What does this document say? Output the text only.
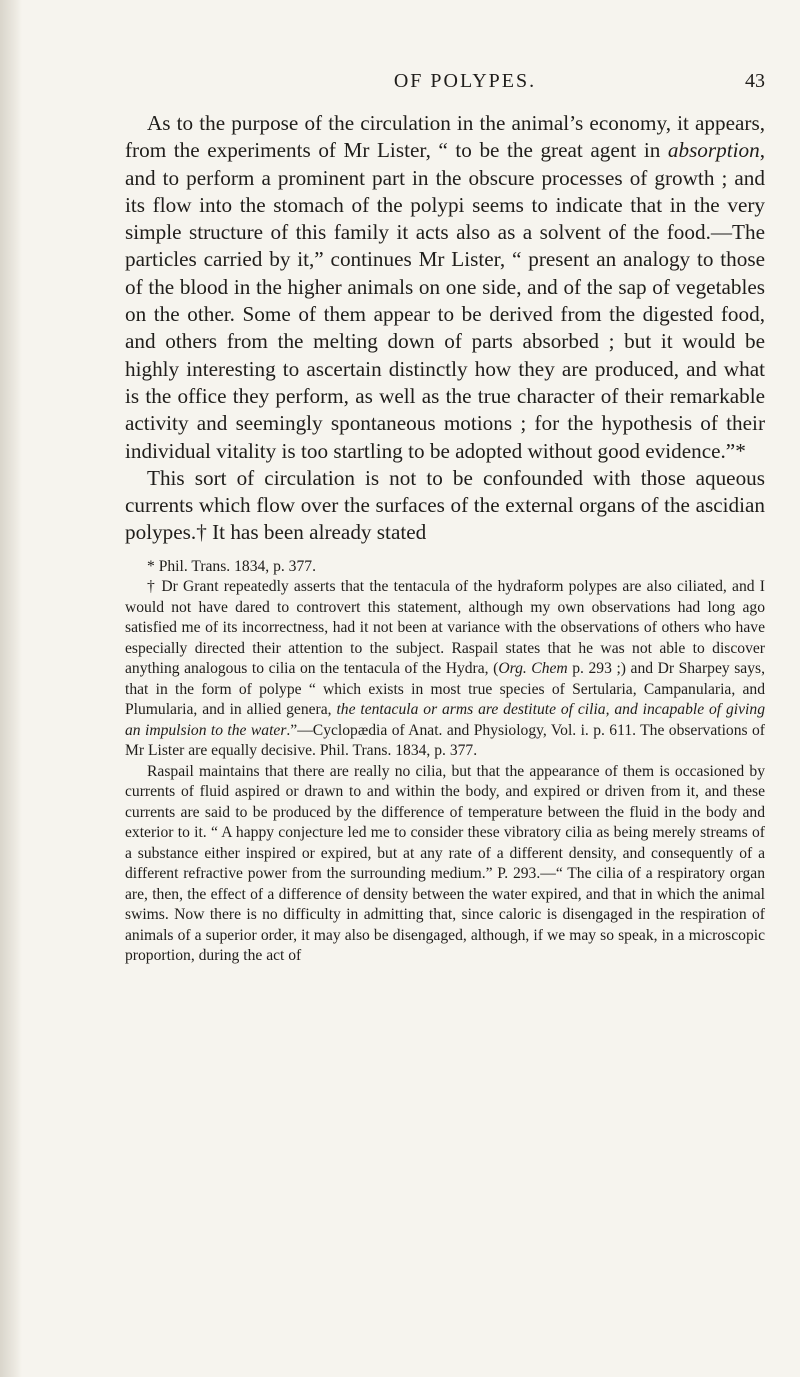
OF POLYPES.	43

As to the purpose of the circulation in the animal’s economy, it appears, from the experiments of Mr Lister, “ to be the great agent in absorption, and to perform a prominent part in the obscure processes of growth ; and its flow into the stomach of the polypi seems to indicate that in the very simple structure of this family it acts also as a solvent of the food.—The particles carried by it,” continues Mr Lister, “ present an analogy to those of the blood in the higher animals on one side, and of the sap of vegetables on the other. Some of them appear to be derived from the digested food, and others from the melting down of parts absorbed ; but it would be highly interesting to ascertain distinctly how they are produced, and what is the office they perform, as well as the true character of their remarkable activity and seemingly spontaneous motions ; for the hypothesis of their individual vitality is too startling to be adopted without good evidence.”*

This sort of circulation is not to be confounded with those aqueous currents which flow over the surfaces of the external organs of the ascidian polypes.† It has been already stated

* Phil. Trans. 1834, p. 377.

† Dr Grant repeatedly asserts that the tentacula of the hydraform polypes are also ciliated, and I would not have dared to controvert this statement, although my own observations had long ago satisfied me of its incorrectness, had it not been at variance with the observations of others who have especially directed their attention to the subject. Raspail states that he was not able to discover anything analogous to cilia on the tentacula of the Hydra, (Org. Chem p. 293 ;) and Dr Sharpey says, that in the form of polype “ which exists in most true species of Sertularia, Campanularia, and Plumularia, and in allied genera, the tentacula or arms are destitute of cilia, and incapable of giving an impulsion to the water.”—Cyclopædia of Anat. and Physiology, Vol. i. p. 611. The observations of Mr Lister are equally decisive. Phil. Trans. 1834, p. 377.

Raspail maintains that there are really no cilia, but that the appearance of them is occasioned by currents of fluid aspired or drawn to and within the body, and expired or driven from it, and these currents are said to be produced by the difference of temperature between the fluid in the body and exterior to it. “ A happy conjecture led me to consider these vibratory cilia as being merely streams of a substance either inspired or expired, but at any rate of a different density, and consequently of a different refractive power from the surrounding medium.” P. 293.—“ The cilia of a respiratory organ are, then, the effect of a difference of density between the water expired, and that in which the animal swims. Now there is no difficulty in admitting that, since caloric is disengaged in the respiration of animals of a superior order, it may also be disengaged, although, if we may so speak, in a microscopic proportion, during the act of
